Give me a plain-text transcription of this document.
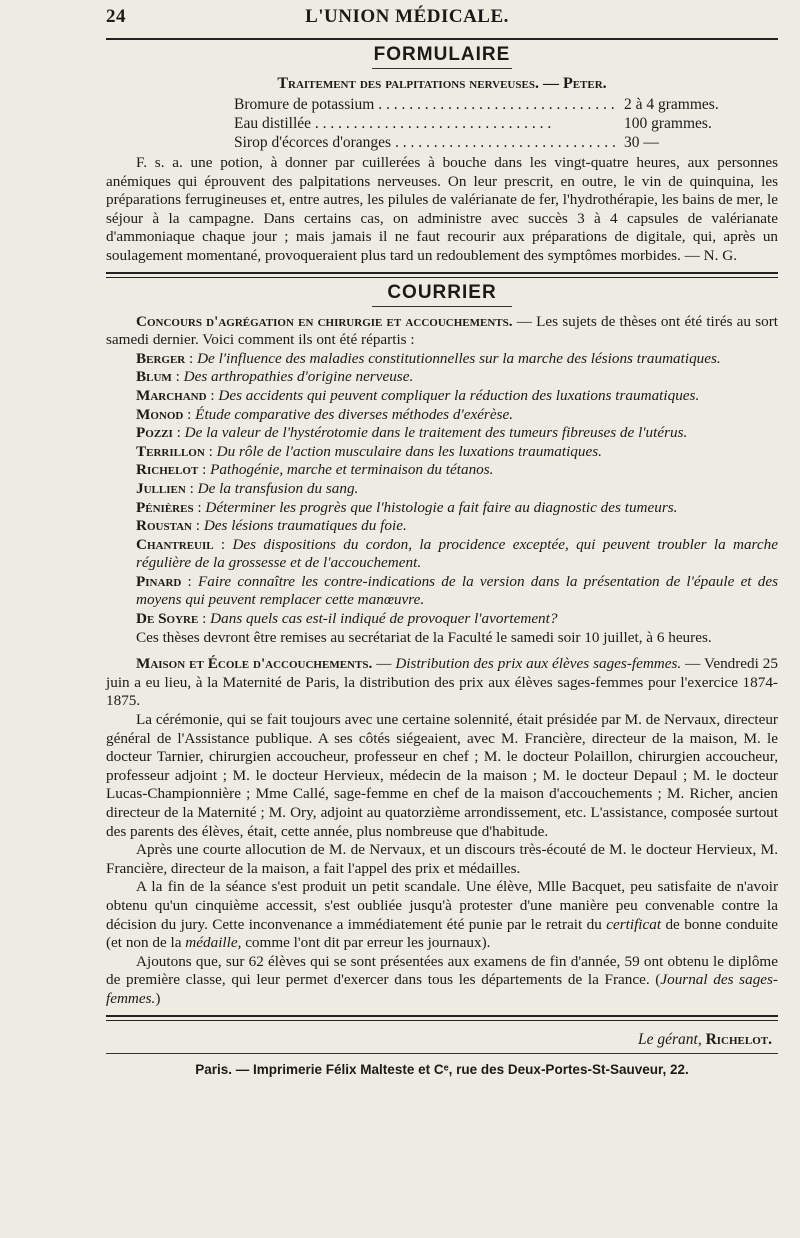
24	L'UNION MÉDICALE.
FORMULAIRE
Traitement des palpitations nerveuses. — Peter.
Bromure de potassium . . .	2 à 4 grammes.
Eau distillée . . .	100 grammes.
Sirop d'écorces d'oranges . . .	30 —

F. s. a. une potion, à donner par cuillerées à bouche dans les vingt-quatre heures, aux personnes anémiques qui éprouvent des palpitations nerveuses. On leur prescrit, en outre, le vin de quinquina, les préparations ferrugineuses et, entre autres, les pilules de valérianate de fer, l'hydrothérapie, les bains de mer, le séjour à la campagne. Dans certains cas, on administre avec succès 3 à 4 capsules de valérianate d'ammoniaque chaque jour ; mais jamais il ne faut recourir aux préparations de digitale, qui, après un soulagement momentané, provoqueraient plus tard un redoublement des symptômes morbides. — N. G.

COURRIER

Concours d'agrégation en chirurgie et accouchements. — Les sujets de thèses ont été tirés au sort samedi dernier. Voici comment ils ont été répartis :

Berger : De l'influence des maladies constitutionnelles sur la marche des lésions traumatiques.

Blum : Des arthropathies d'origine nerveuse.

Marchand : Des accidents qui peuvent compliquer la réduction des luxations traumatiques.

Monod : Étude comparative des diverses méthodes d'exérèse.

Pozzi : De la valeur de l'hystérotomie dans le traitement des tumeurs fibreuses de l'utérus.

Terrillon : Du rôle de l'action musculaire dans les luxations traumatiques.

Richelot : Pathogénie, marche et terminaison du tétanos.

Jullien : De la transfusion du sang.

Pénières : Déterminer les progrès que l'histologie a fait faire au diagnostic des tumeurs.

Roustan : Des lésions traumatiques du foie.

Chantreuil : Des dispositions du cordon, la procidence exceptée, qui peuvent troubler la marche régulière de la grossesse et de l'accouchement.

Pinard : Faire connaître les contre-indications de la version dans la présentation de l'épaule et des moyens qui peuvent remplacer cette manœuvre.

De Soyre : Dans quels cas est-il indiqué de provoquer l'avortement?

Ces thèses devront être remises au secrétariat de la Faculté le samedi soir 10 juillet, à 6 heures.

Maison et École d'accouchements. — Distribution des prix aux élèves sages-femmes. — Vendredi 25 juin a eu lieu, à la Maternité de Paris, la distribution des prix aux élèves sages-femmes pour l'exercice 1874-1875.

La cérémonie, qui se fait toujours avec une certaine solennité, était présidée par M. de Nervaux, directeur général de l'Assistance publique. A ses côtés siégeaient, avec M. Francière, directeur de la maison, M. le docteur Tarnier, chirurgien accoucheur, professeur en chef ; M. le docteur Polaillon, chirurgien accoucheur, professeur adjoint ; M. le docteur Hervieux, médecin de la maison ; M. le docteur Depaul ; M. le docteur Lucas-Championnière ; Mme Callé, sage-femme en chef de la maison d'accouchements ; M. Richer, ancien directeur de la Maternité ; M. Ory, adjoint au quatorzième arrondissement, etc. L'assistance, composée surtout des parents des élèves, était, cette année, plus nombreuse que d'habitude.

Après une courte allocution de M. de Nervaux, et un discours très-écouté de M. le docteur Hervieux, M. Francière, directeur de la maison, a fait l'appel des prix et médailles.

A la fin de la séance s'est produit un petit scandale. Une élève, Mlle Bacquet, peu satisfaite de n'avoir obtenu qu'un cinquième accessit, s'est oubliée jusqu'à protester d'une manière peu convenable contre la décision du jury. Cette inconvenance a immédiatement été punie par le retrait du certificat de bonne conduite (et non de la médaille, comme l'ont dit par erreur les journaux).

Ajoutons que, sur 62 élèves qui se sont présentées aux examens de fin d'année, 59 ont obtenu le diplôme de première classe, qui leur permet d'exercer dans tous les départements de la France. (Journal des sages-femmes.)

Le gérant, Richelot.
Paris. — Imprimerie Félix Malteste et Cᵉ, rue des Deux-Portes-St-Sauveur, 22.
